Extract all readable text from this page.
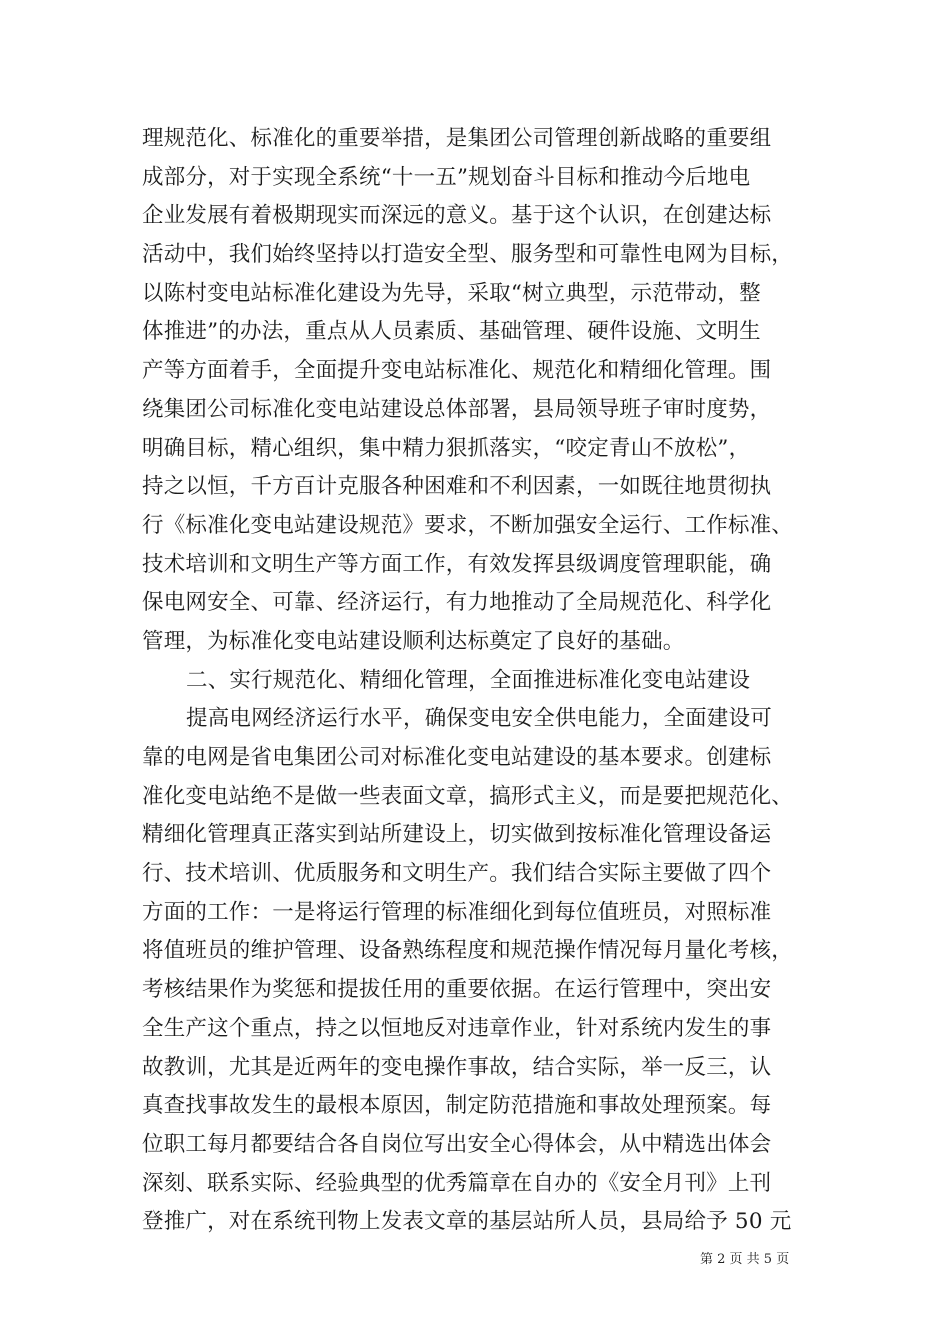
理规范化、标准化的重要举措，是集团公司管理创新战略的重要组
成部分，对于实现全系统“十一五”规划奋斗目标和推动今后地电
企业发展有着极期现实而深远的意义。基于这个认识，在创建达标
活动中，我们始终坚持以打造安全型、服务型和可靠性电网为目标，
以陈村变电站标准化建设为先导，采取“树立典型，示范带动，整
体推进”的办法，重点从人员素质、基础管理、硬件设施、文明生
产等方面着手，全面提升变电站标准化、规范化和精细化管理。围
绕集团公司标准化变电站建设总体部署，县局领导班子审时度势，
明确目标，精心组织，集中精力狠抓落实，“咬定青山不放松”，
持之以恒，千方百计克服各种困难和不利因素，一如既往地贯彻执
行《标准化变电站建设规范》要求，不断加强安全运行、工作标准、
技术培训和文明生产等方面工作，有效发挥县级调度管理职能，确
保电网安全、可靠、经济运行，有力地推动了全局规范化、科学化
管理，为标准化变电站建设顺利达标奠定了良好的基础。
二、实行规范化、精细化管理，全面推进标准化变电站建设
提高电网经济运行水平，确保变电安全供电能力，全面建设可
靠的电网是省电集团公司对标准化变电站建设的基本要求。创建标
准化变电站绝不是做一些表面文章，搞形式主义，而是要把规范化、
精细化管理真正落实到站所建设上，切实做到按标准化管理设备运
行、技术培训、优质服务和文明生产。我们结合实际主要做了四个
方面的工作：一是将运行管理的标准细化到每位值班员，对照标准
将值班员的维护管理、设备熟练程度和规范操作情况每月量化考核，
考核结果作为奖惩和提拔任用的重要依据。在运行管理中，突出安
全生产这个重点，持之以恒地反对违章作业，针对系统内发生的事
故教训，尤其是近两年的变电操作事故，结合实际，举一反三，认
真查找事故发生的最根本原因，制定防范措施和事故处理预案。每
位职工每月都要结合各自岗位写出安全心得体会，从中精选出体会
深刻、联系实际、经验典型的优秀篇章在自办的《安全月刊》上刊
登推广，对在系统刊物上发表文章的基层站所人员，县局给予 50 元
第 2 页 共 5 页
